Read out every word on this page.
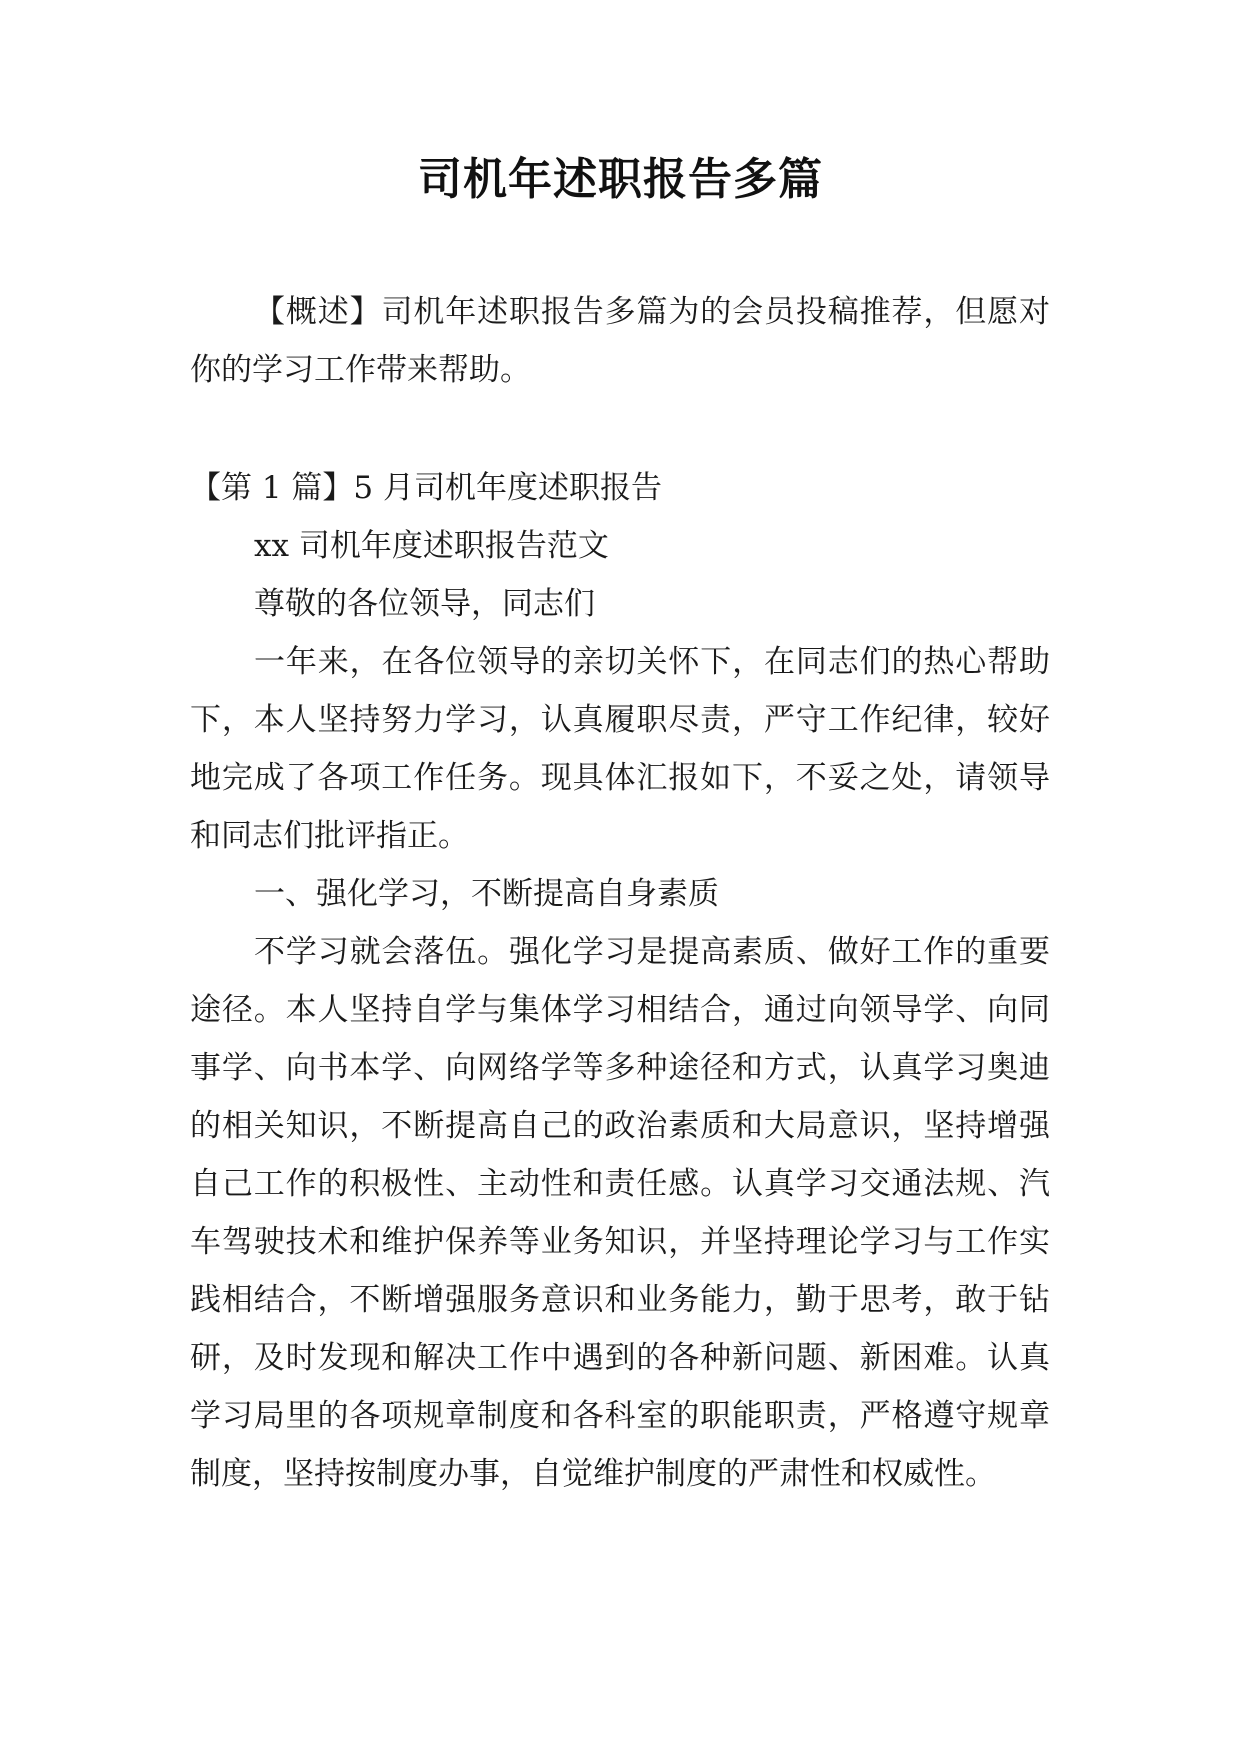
司机年述职报告多篇

【概述】司机年述职报告多篇为的会员投稿推荐，但愿对你的学习工作带来帮助。

【第 1 篇】5 月司机年度述职报告

xx 司机年度述职报告范文

尊敬的各位领导，同志们

一年来，在各位领导的亲切关怀下，在同志们的热心帮助下，本人坚持努力学习，认真履职尽责，严守工作纪律，较好地完成了各项工作任务。现具体汇报如下，不妥之处，请领导和同志们批评指正。

一、强化学习，不断提高自身素质

不学习就会落伍。强化学习是提高素质、做好工作的重要途径。本人坚持自学与集体学习相结合，通过向领导学、向同事学、向书本学、向网络学等多种途径和方式，认真学习奥迪的相关知识，不断提高自己的政治素质和大局意识，坚持增强自己工作的积极性、主动性和责任感。认真学习交通法规、汽车驾驶技术和维护保养等业务知识，并坚持理论学习与工作实践相结合，不断增强服务意识和业务能力，勤于思考，敢于钻研，及时发现和解决工作中遇到的各种新问题、新困难。认真学习局里的各项规章制度和各科室的职能职责，严格遵守规章制度，坚持按制度办事，自觉维护制度的严肃性和权威性。
